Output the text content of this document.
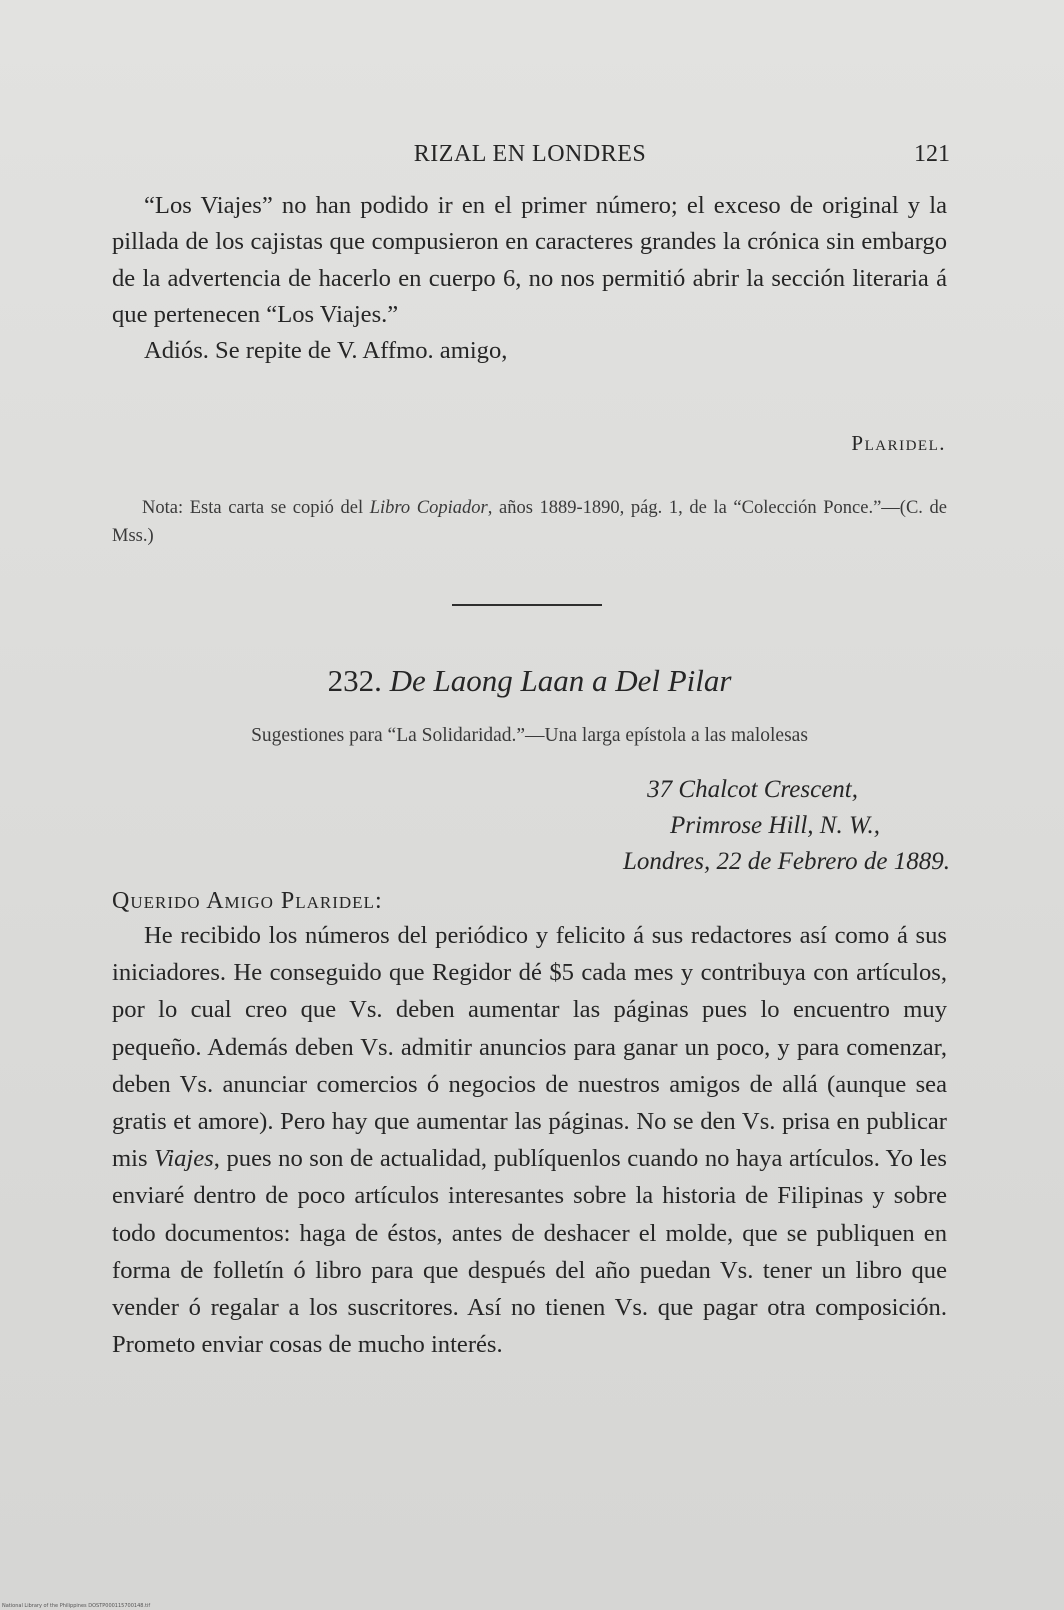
RIZAL EN LONDRES	121

“Los Viajes” no han podido ir en el primer número; el exceso de original y la pillada de los cajistas que compusieron en caracteres grandes la crónica sin embargo de la advertencia de hacerlo en cuerpo 6, no nos permitió abrir la sección literaria á que pertenecen “Los Viajes.”

Adiós. Se repite de V. Affmo. amigo,

Plaridel.
Nota: Esta carta se copió del Libro Copiador, años 1889-1890, pág. 1, de la “Colección Ponce.”—(C. de Mss.)
232. De Laong Laan a Del Pilar
Sugestiones para “La Solidaridad.”—Una larga epístola a las malolesas
37 Chalcot Crescent,
Primrose Hill, N. W.,
Londres, 22 de Febrero de 1889.
Querido Amigo Plaridel:

He recibido los números del periódico y felicito á sus redactores así como á sus iniciadores. He conseguido que Regidor dé $5 cada mes y contribuya con artículos, por lo cual creo que Vs. deben aumentar las páginas pues lo encuentro muy pequeño. Además deben Vs. admitir anuncios para ganar un poco, y para comenzar, deben Vs. anunciar comercios ó negocios de nuestros amigos de allá (aunque sea gratis et amore). Pero hay que aumentar las páginas. No se den Vs. prisa en publicar mis Viajes, pues no son de actualidad, publíquenlos cuando no haya artículos. Yo les enviaré dentro de poco artículos interesantes sobre la historia de Filipinas y sobre todo documentos: haga de éstos, antes de deshacer el molde, que se publiquen en forma de folletín ó libro para que después del año puedan Vs. tener un libro que vender ó regalar a los suscritores. Así no tienen Vs. que pagar otra composición. Prometo enviar cosas de mucho interés.

National Library of the Philippines DOSTP000115700148.tif
